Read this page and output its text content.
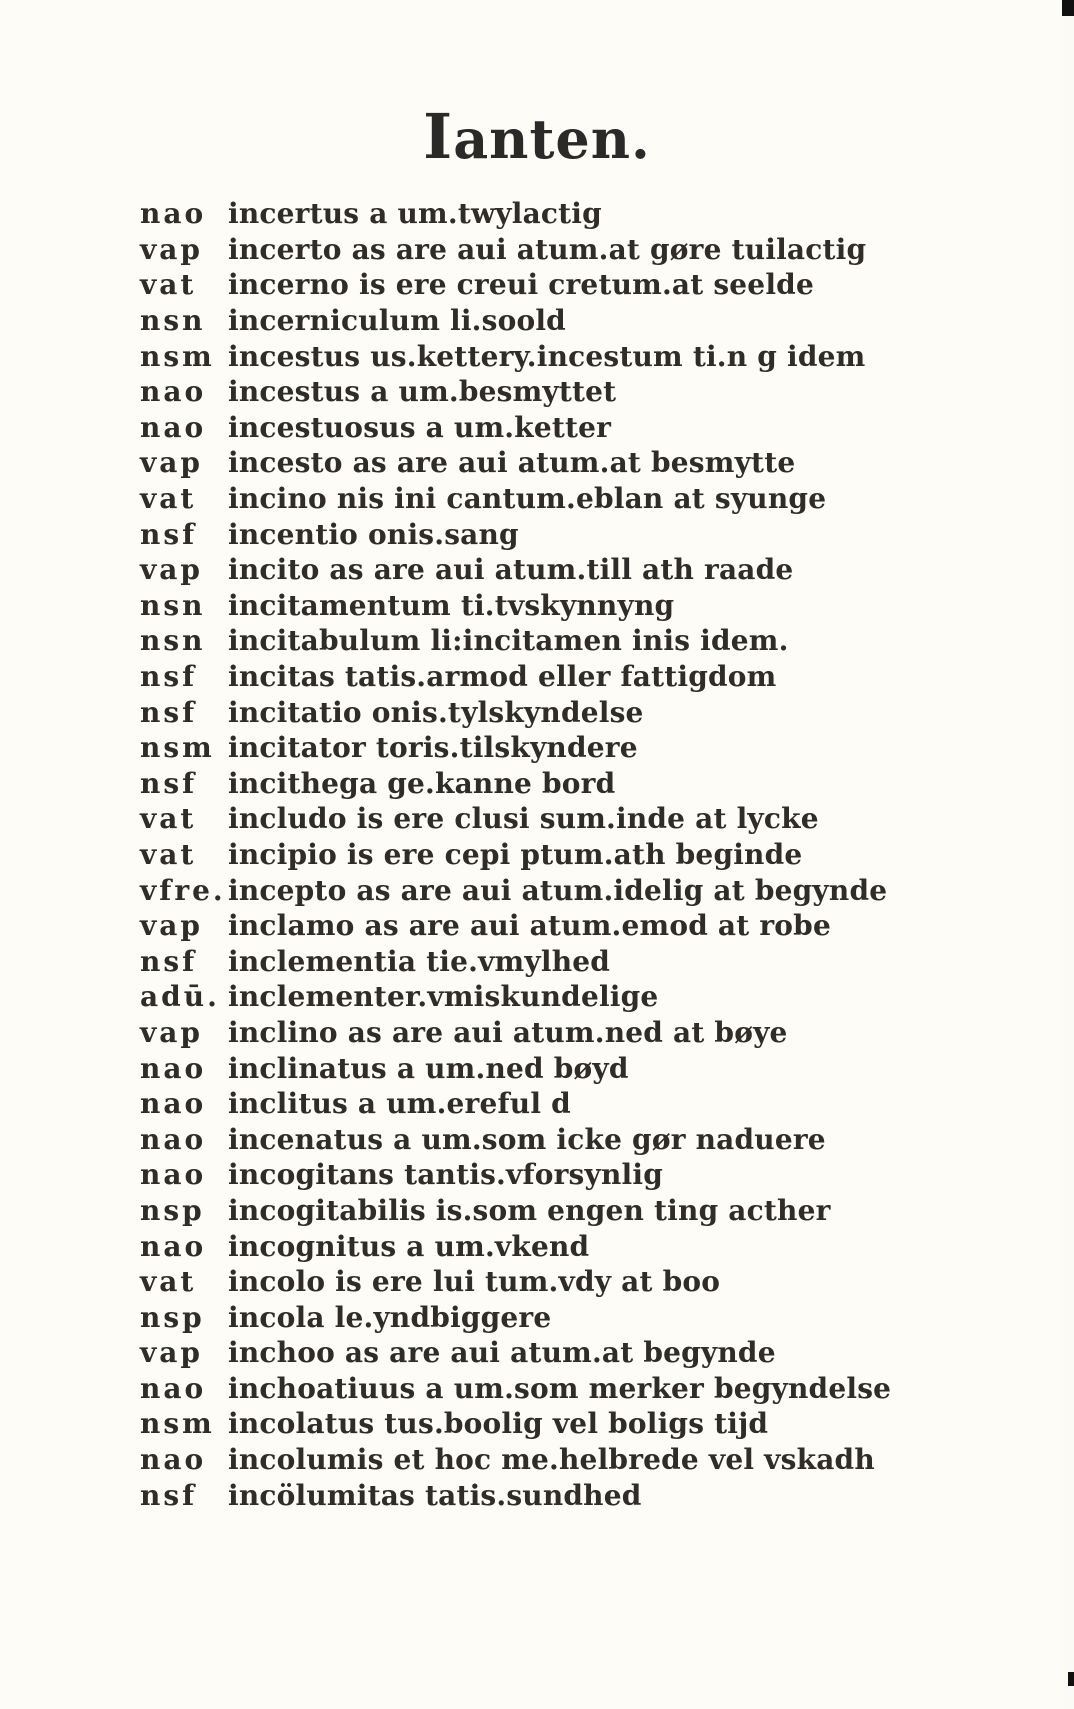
Ianten.
nao incertus a um.twylactig
vap incerto as are aui atum.at gøre tuilactig
vat	incerno is ere creui cretum.at seelde
nsn incerniculum li.soold
nsm incestus us.kettery.incestum ti.n g idem
nao incestus a um.besmyttet
nao incestuosus a um.ketter
vap incesto as are aui atum.at besmytte
vat	incino nis ini cantum.eblan at syunge
nsf	incentio onis.sang
vap incito as are aui atum.till ath raade
nsn incitamentum ti.tvskynnyng
nsn incitabulum li:incitamen inis idem.
nsf	incitas tatis.armod eller fattigdom
nsf	incitatio onis.tylskyndelse
nsm incitator toris.tilskyndere
nsf	incithega ge.kanne bord
vat	includo is ere clusi sum.inde at lycke
vat	incipio is ere cepi ptum.ath beginde
vfre. incepto as are aui atum.idelig at begynde
vap inclamo as are aui atum.emod at robe
nsf	inclementia tie.vmylhed
adū. inclementer.vmiskundelige
vap inclino as are aui atum.ned at bøye
nao inclinatus a um.ned bøyd
nao inclitus a um.ereful d
nao incenatus a um.som icke gør naduere
nao incogitans tantis.vforsynlig
nsp incogitabilis is.som engen ting acther
nao incognitus a um.vkend
vat	incolo is ere lui tum.vdy at boo
nsp incola le.yndbiggere
vap inchoo as are aui atum.at begynde
nao inchoatiuus a um.som merker begyndelse
nsm incolatus tus.boolig vel boligs tijd
nao incolumis et hoc me.helbrede vel vskadh
nsf	incölumitas tatis.sundhed
